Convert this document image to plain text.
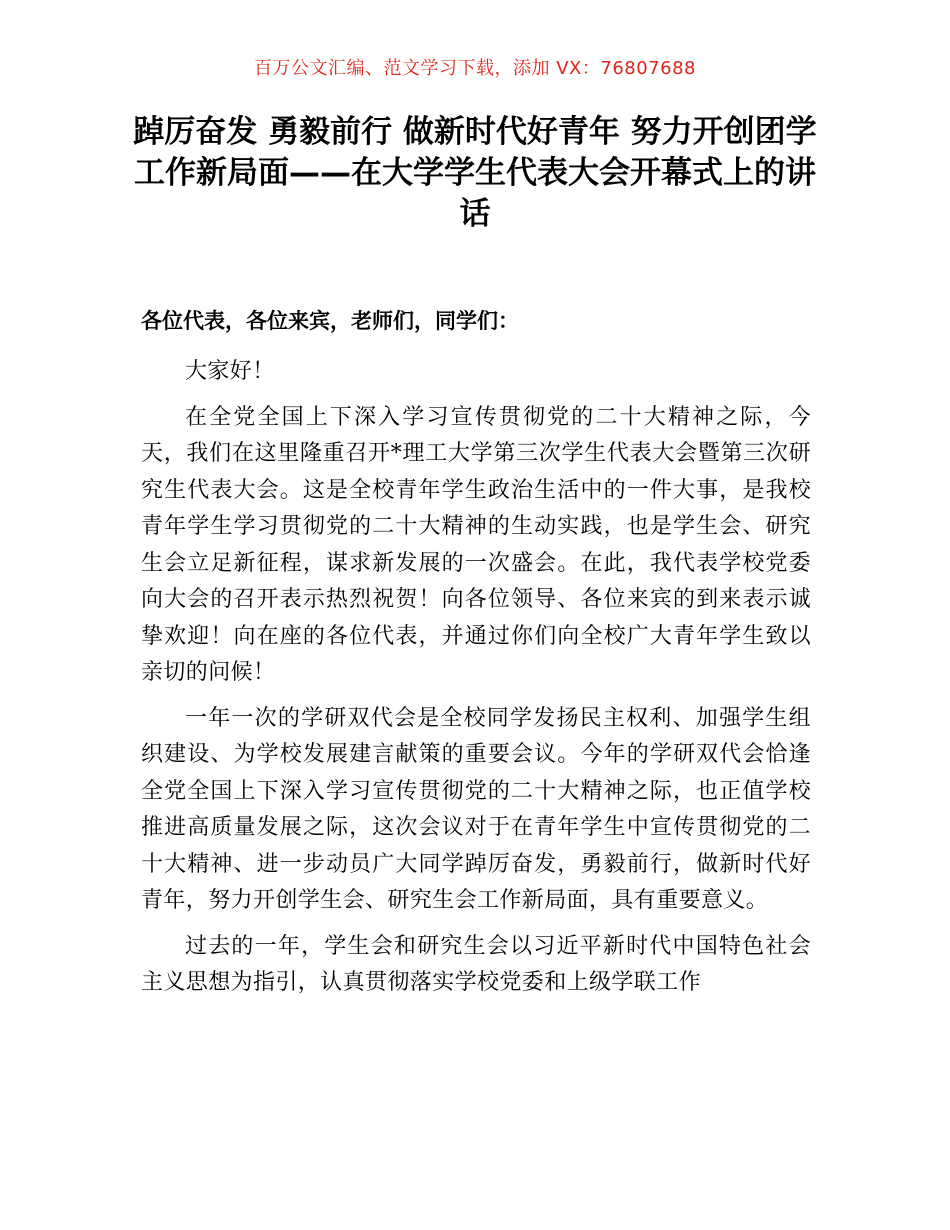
百万公文汇编、范文学习下载，添加 VX：76807688
踔厉奋发 勇毅前行 做新时代好青年 努力开创团学工作新局面——在大学学生代表大会开幕式上的讲话

各位代表，各位来宾，老师们，同学们：

大家好！

在全党全国上下深入学习宣传贯彻党的二十大精神之际，今天，我们在这里隆重召开*理工大学第三次学生代表大会暨第三次研究生代表大会。这是全校青年学生政治生活中的一件大事，是我校青年学生学习贯彻党的二十大精神的生动实践，也是学生会、研究生会立足新征程，谋求新发展的一次盛会。在此，我代表学校党委向大会的召开表示热烈祝贺！向各位领导、各位来宾的到来表示诚挚欢迎！向在座的各位代表，并通过你们向全校广大青年学生致以亲切的问候！

一年一次的学研双代会是全校同学发扬民主权利、加强学生组织建设、为学校发展建言献策的重要会议。今年的学研双代会恰逢全党全国上下深入学习宣传贯彻党的二十大精神之际，也正值学校推进高质量发展之际，这次会议对于在青年学生中宣传贯彻党的二十大精神、进一步动员广大同学踔厉奋发，勇毅前行，做新时代好青年，努力开创学生会、研究生会工作新局面，具有重要意义。

过去的一年，学生会和研究生会以习近平新时代中国特色社会主义思想为指引，认真贯彻落实学校党委和上级学联工作
